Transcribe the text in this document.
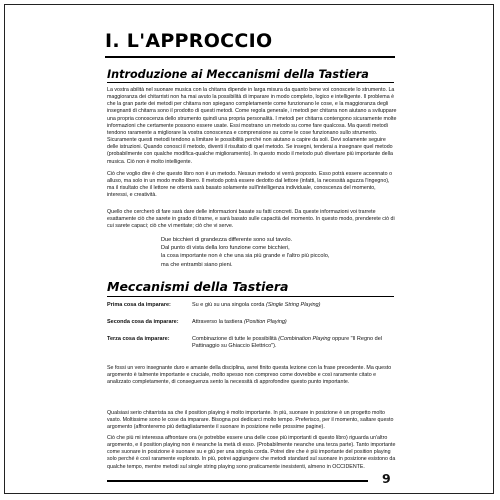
I. L'APPROCCIO
Introduzione ai Meccanismi della Tastiera

La vostra abilità nel suonare musica con la chitarra dipende in larga misura da quanto bene voi conoscete lo strumento. La maggioranza dei chitarristi non ha mai avuto la possibilità di imparare in modo completo, logico e intelligente. Il problema è che la gran parte dei metodi per chitarra non spiegano completamente come funzionano le cose, e la maggioranza degli insegnanti di chitarra sono il prodotto di questi metodi. Come regola generale, i metodi per chitarra non aiutano a sviluppare una propria conoscenza dello strumento quindi una propria personalità. I metodi per chitarra contengono sicuramente molte informazioni che certamente possono essere usate. Essi mostrano un metodo su come fare qualcosa. Ma questi metodi tendono raramente a migliorare la vostra conoscenza e comprensione su come le cose funzionano sullo strumento. Sicuramente questi metodi tendono a limitare le possibilità perché non aiutano a capire da soli. Devi solamente seguire delle istruzioni. Quando conosci il metodo, diventi il risultato di quel metodo. Se insegni, tenderai a insegnare quel metodo (probabilmente con qualche modifica-qualche miglioramento). In questo modo il metodo può divertare più importante della musica. Ciò non è molto intelligente.

Ciò che voglio dire è che questo libro non è un metodo. Nessun metodo vi verrà proposto. Esso potrà essere accennato o alluso, ma solo in un modo molto libero. Il metodo potrà essere dedotto dal lettore (infatti, la necessità aguzza l'ingegno), ma il risultato che il lettore ne otterrà sarà basato solamente sull'intelligenza individuale, conoscenza del momento, interessi, e creatività.

Quello che cercherò di fare sarà dare delle informazioni basate su fatti concreti. Da queste informazioni voi trarrete esattamente ciò che sarete in grado di trarne, e sarà basato sulle capacità del momento. In questo modo, prenderete ciò di cui sarete capaci; ciò che vi meritate; ciò che vi serve.

Due bicchieri di grandezza differente sono sul tavolo.
Dal punto di vista della loro funzione come bicchieri,
la cosa importante non è che una sia più grande e l'altro più piccolo,
ma che entrambi siano pieni.
Meccanismi della Tastiera
Prima cosa da imparare:	Su e giù su una singola corda (Single String Playing)
Seconda cosa da imparare: Attraverso la tastiera (Position Playing)
Terza cosa da imparare:	Combinazione di tutte le possibilità (Combination Playing oppure "Il Regno del Pattinaggio su Ghiaccio Elettrico").

Se fossi un vero insegnante duro e amante della disciplina, avrei finito questa lezione con la frase precedente. Ma questo argomento è talmente importante e cruciale, molto spesso non compreso come dovrebbe e così raramente citato e analizzato completamente, di conseguenza sento la necessità di approfondire questo punto importante.

Qualsiasi serio chitarrista sa che il position playing è molto importante. In più, suonare in posizione è un progetto molto vasto. Moltissime sono le cose da imparare. Bisogna poi dedicarci molto tempo. Preferisco, per il momento, saltare questo argomento (affronteremo più dettagliatamente il suonare in posizione nelle prossime pagine).

Ciò che più mi interessa affrontare ora (e potrebbe essere una delle cose più importanti di questo libro) riguarda un'altro argomento, e il position playing non è neanche la metà di esso. (Probabilmente neanche una terza parte). Tanto importante come suonare in posizione è suonare su e giù per una singola corda. Potrei dire che è più importante del position playing solo perché è così raramente esplorato. In più, potrei aggiungere che metodi standard sul suonare in posizione esistono da qualche tempo, mentre metodi sul single string playing sono praticamente inesistenti, almeno in OCCIDENTE.

9
